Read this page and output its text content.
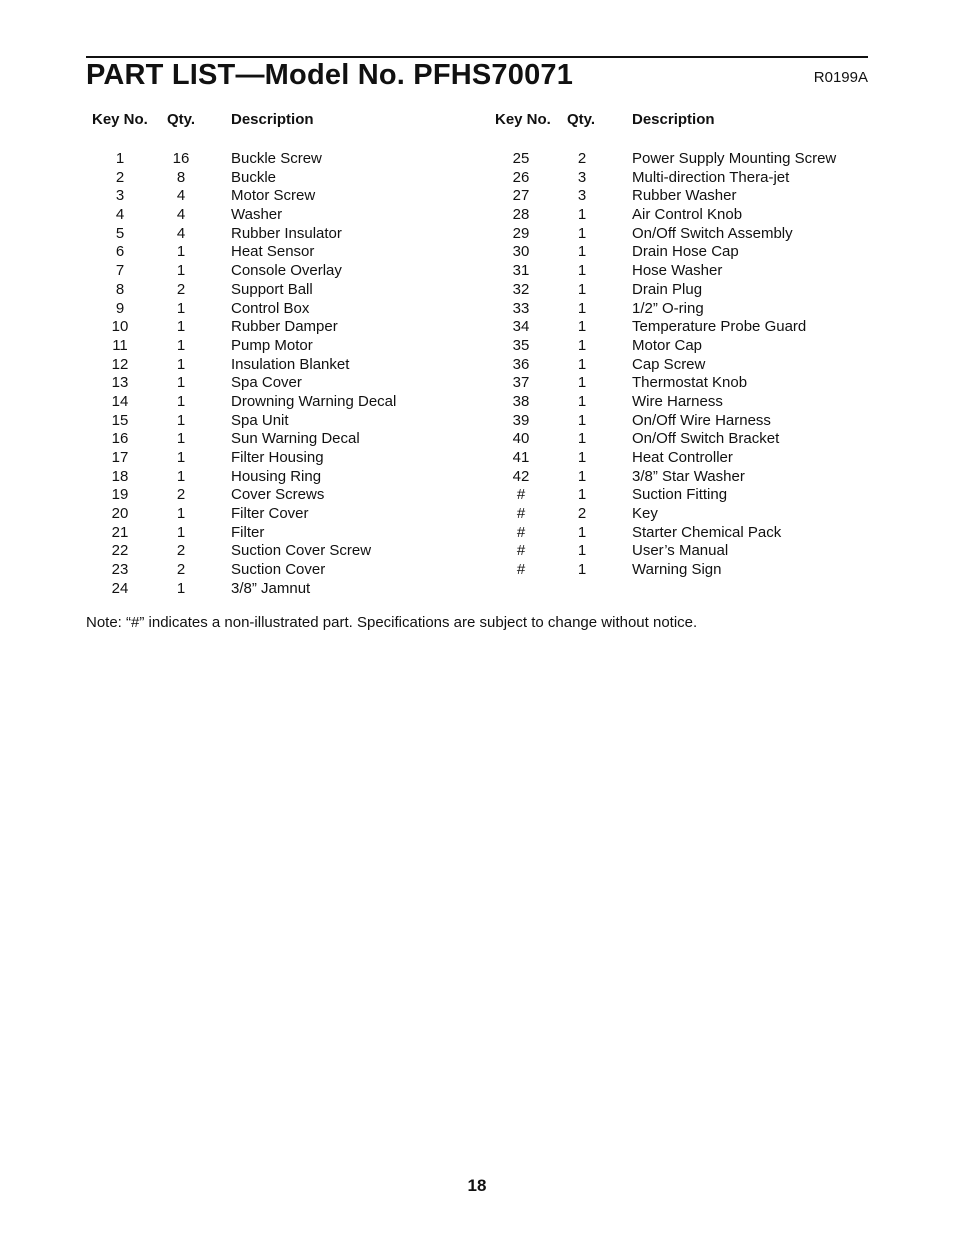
PART LIST—Model No. PFHS70071	R0199A
Key No. Qty. Description	Key No. Qty. Description
1	16	Buckle Screw
2	8	Buckle
3	4	Motor Screw
4	4	Washer
5	4	Rubber Insulator
6	1	Heat Sensor
7	1	Console Overlay
8	2	Support Ball
9	1	Control Box
10	1	Rubber Damper
11	1	Pump Motor
12	1	Insulation Blanket
13	1	Spa Cover
14	1	Drowning Warning Decal
15	1	Spa Unit
16	1	Sun Warning Decal
17	1	Filter Housing
18	1	Housing Ring
19	2	Cover Screws
20	1	Filter Cover
21	1	Filter
22	2	Suction Cover Screw
23	2	Suction Cover
24	1	3/8” Jamnut
25	2	Power Supply Mounting Screw
26	3	Multi-direction Thera-jet
27	3	Rubber Washer
28	1	Air Control Knob
29	1	On/Off Switch Assembly
30	1	Drain Hose Cap
31	1	Hose Washer
32	1	Drain Plug
33	1	1/2” O-ring
34	1	Temperature Probe Guard
35	1	Motor Cap
36	1	Cap Screw
37	1	Thermostat Knob
38	1	Wire Harness
39	1	On/Off Wire Harness
40	1	On/Off Switch Bracket
41	1	Heat Controller
42	1	3/8” Star Washer
#	1	Suction Fitting
#	2	Key
#	1	Starter Chemical Pack
#	1	User’s Manual
#	1	Warning Sign
Note: “#” indicates a non-illustrated part. Specifications are subject to change without notice.
18
